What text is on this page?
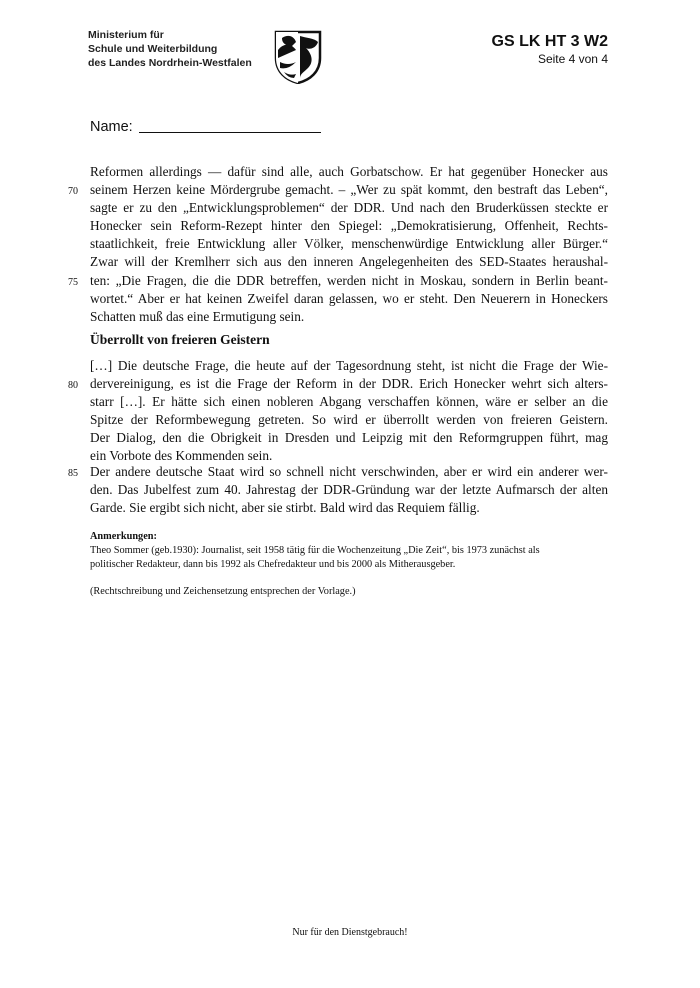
Ministerium für
Schule und Weiterbildung
des Landes Nordrhein-Westfalen
GS LK HT 3 W2
Seite 4 von 4
Name:
Reformen allerdings — dafür sind alle, auch Gorbatschow. Er hat gegenüber Honecker aus
70 seinem Herzen keine Mördergrube gemacht. – „Wer zu spät kommt, den bestraft das Leben“,
sagte er zu den „Entwicklungsproblemen“ der DDR. Und nach den Bruderküssen steckte er
Honecker sein Reform-Rezept hinter den Spiegel: „Demokratisierung, Offenheit, Rechts-
staatlichkeit, freie Entwicklung aller Völker, menschenwürdige Entwicklung aller Bürger.“
Zwar will der Kremlherr sich aus den inneren Angelegenheiten des SED-Staates heraushal-
75 ten: „Die Fragen, die die DDR betreffen, werden nicht in Moskau, sondern in Berlin beant-
wortet.“ Aber er hat keinen Zweifel daran gelassen, wo er steht. Den Neuerern in Honeckers
Schatten muß das eine Ermutigung sein.
Überrollt von freieren Geistern
[…] Die deutsche Frage, die heute auf der Tagesordnung steht, ist nicht die Frage der Wie-
80 dervereinigung, es ist die Frage der Reform in der DDR. Erich Honecker wehrt sich alters-
starr […]. Er hätte sich einen nobleren Abgang verschaffen können, wäre er selber an die
Spitze der Reformbewegung getreten. So wird er überrollt werden von freieren Geistern.
Der Dialog, den die Obrigkeit in Dresden und Leipzig mit den Reformgruppen führt, mag
ein Vorbote des Kommenden sein.
85 Der andere deutsche Staat wird so schnell nicht verschwinden, aber er wird ein anderer wer-
den. Das Jubelfest zum 40. Jahrestag der DDR-Gründung war der letzte Aufmarsch der alten
Garde. Sie ergibt sich nicht, aber sie stirbt. Bald wird das Requiem fällig.
Anmerkungen:
Theo Sommer (geb.1930): Journalist, seit 1958 tätig für die Wochenzeitung „Die Zeit“, bis 1973 zunächst als
politischer Redakteur, dann bis 1992 als Chefredakteur und bis 2000 als Mitherausgeber.
(Rechtschreibung und Zeichensetzung entsprechen der Vorlage.)
Nur für den Dienstgebrauch!
